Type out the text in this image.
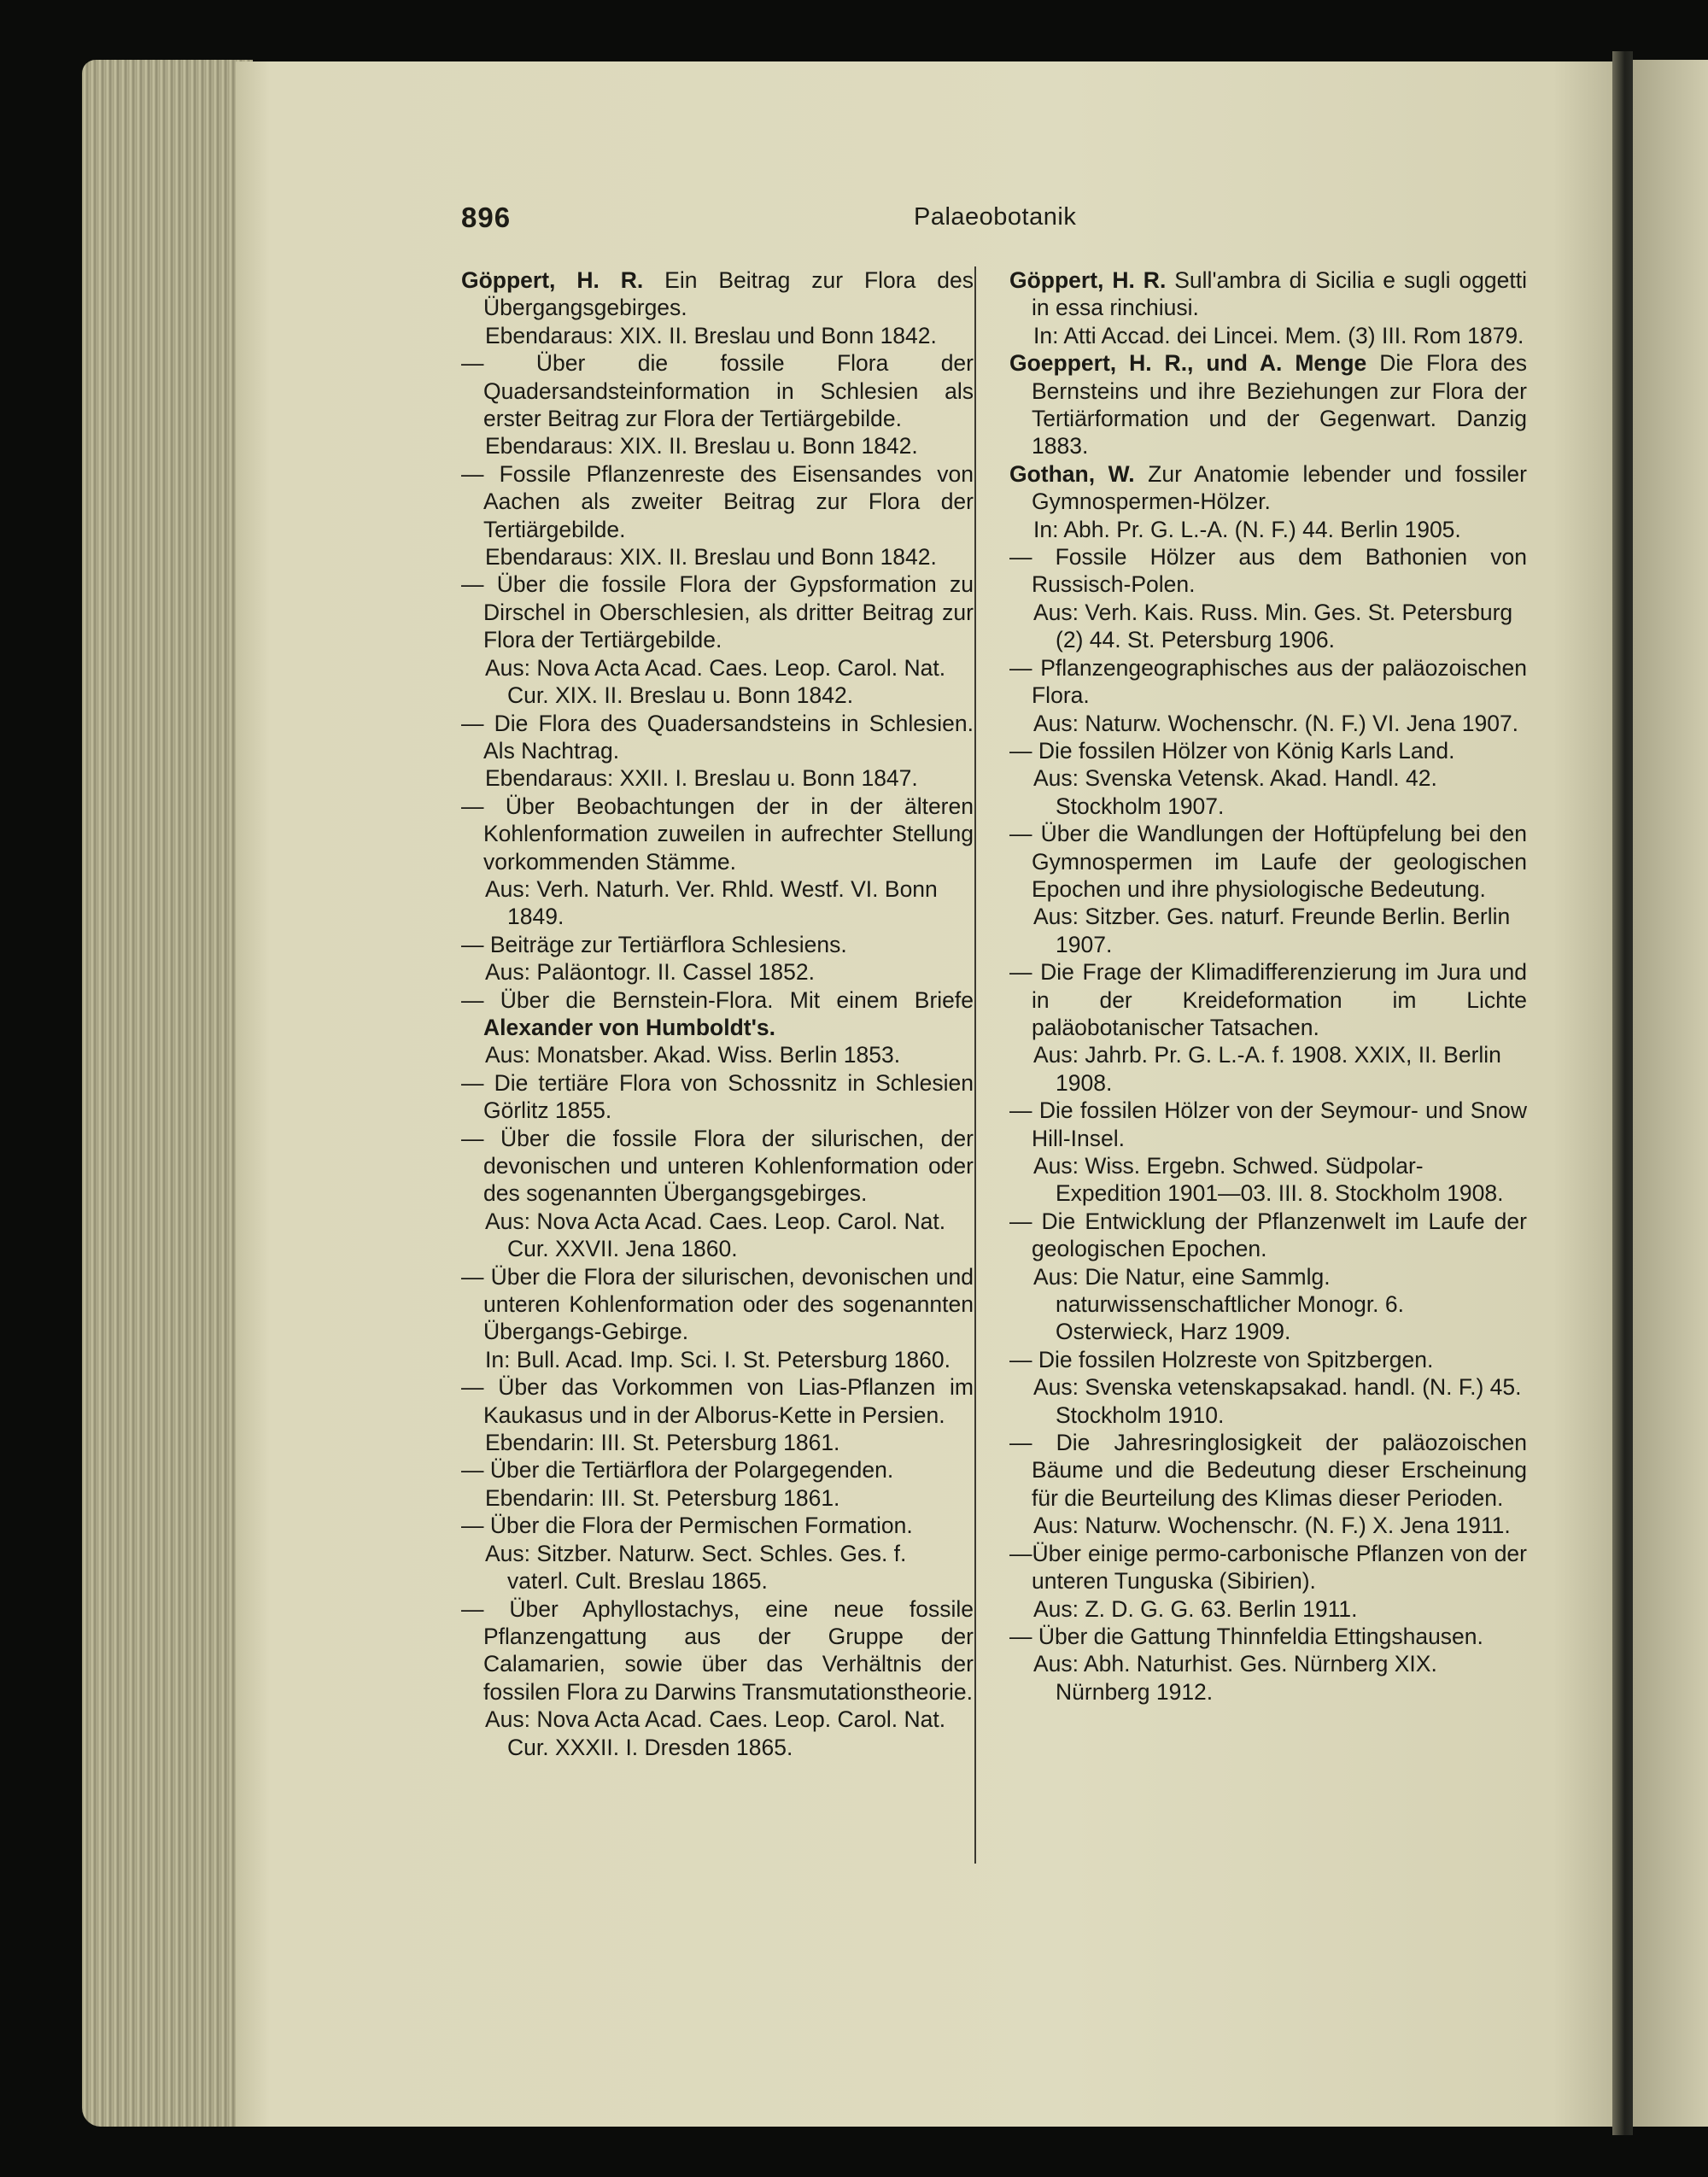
896	Palaeobotanik
Göppert, H. R. Ein Beitrag zur Flora des Übergangsgebirges.
Ebendaraus: XIX. II. Breslau und Bonn 1842.
— Über die fossile Flora der Quadersandsteinformation in Schlesien als erster Beitrag zur Flora der Tertiärgebilde.
Ebendaraus: XIX. II. Breslau u. Bonn 1842.
— Fossile Pflanzenreste des Eisensandes von Aachen als zweiter Beitrag zur Flora der Tertiärgebilde.
Ebendaraus: XIX. II. Breslau und Bonn 1842.
— Über die fossile Flora der Gypsformation zu Dirschel in Oberschlesien, als dritter Beitrag zur Flora der Tertiärgebilde.
Aus: Nova Acta Acad. Caes. Leop. Carol. Nat. Cur. XIX. II. Breslau u. Bonn 1842.
— Die Flora des Quadersandsteins in Schlesien. Als Nachtrag.
Ebendaraus: XXII. I. Breslau u. Bonn 1847.
— Über Beobachtungen der in der älteren Kohlenformation zuweilen in aufrechter Stellung vorkommenden Stämme.
Aus: Verh. Naturh. Ver. Rhld. Westf. VI. Bonn 1849.
— Beiträge zur Tertiärflora Schlesiens.
Aus: Paläontogr. II. Cassel 1852.
— Über die Bernstein-Flora. Mit einem Briefe Alexander von Humboldt's.
Aus: Monatsber. Akad. Wiss. Berlin 1853.
— Die tertiäre Flora von Schossnitz in Schlesien Görlitz 1855.
— Über die fossile Flora der silurischen, der devonischen und unteren Kohlenformation oder des sogenannten Übergangsgebirges.
Aus: Nova Acta Acad. Caes. Leop. Carol. Nat. Cur. XXVII. Jena 1860.
— Über die Flora der silurischen, devonischen und unteren Kohlenformation oder des sogenannten Übergangs-Gebirge.
In: Bull. Acad. Imp. Sci. I. St. Petersburg 1860.
— Über das Vorkommen von Lias-Pflanzen im Kaukasus und in der Alborus-Kette in Persien.
Ebendarin: III. St. Petersburg 1861.
— Über die Tertiärflora der Polargegenden.
Ebendarin: III. St. Petersburg 1861.
— Über die Flora der Permischen Formation.
Aus: Sitzber. Naturw. Sect. Schles. Ges. f. vaterl. Cult. Breslau 1865.
— Über Aphyllostachys, eine neue fossile Pflanzengattung aus der Gruppe der Calamarien, sowie über das Verhältnis der fossilen Flora zu Darwins Transmutationstheorie.
Aus: Nova Acta Acad. Caes. Leop. Carol. Nat. Cur. XXXII. I. Dresden 1865.
Göppert, H. R. Sull'ambra di Sicilia e sugli oggetti in essa rinchiusi.
In: Atti Accad. dei Lincei. Mem. (3) III. Rom 1879.
Goeppert, H. R., und A. Menge Die Flora des Bernsteins und ihre Beziehungen zur Flora der Tertiärformation und der Gegenwart. Danzig 1883.
Gothan, W. Zur Anatomie lebender und fossiler Gymnospermen-Hölzer.
In: Abh. Pr. G. L.-A. (N. F.) 44. Berlin 1905.
— Fossile Hölzer aus dem Bathonien von Russisch-Polen.
Aus: Verh. Kais. Russ. Min. Ges. St. Petersburg (2) 44. St. Petersburg 1906.
— Pflanzengeographisches aus der paläozoischen Flora.
Aus: Naturw. Wochenschr. (N. F.) VI. Jena 1907.
— Die fossilen Hölzer von König Karls Land.
Aus: Svenska Vetensk. Akad. Handl. 42. Stockholm 1907.
— Über die Wandlungen der Hoftüpfelung bei den Gymnospermen im Laufe der geologischen Epochen und ihre physiologische Bedeutung.
Aus: Sitzber. Ges. naturf. Freunde Berlin. Berlin 1907.
— Die Frage der Klimadifferenzierung im Jura und in der Kreideformation im Lichte paläobotanischer Tatsachen.
Aus: Jahrb. Pr. G. L.-A. f. 1908. XXIX, II. Berlin 1908.
— Die fossilen Hölzer von der Seymour- und Snow Hill-Insel.
Aus: Wiss. Ergebn. Schwed. Südpolar-Expedition 1901—03. III. 8. Stockholm 1908.
— Die Entwicklung der Pflanzenwelt im Laufe der geologischen Epochen.
Aus: Die Natur, eine Sammlg. naturwissenschaftlicher Monogr. 6. Osterwieck, Harz 1909.
— Die fossilen Holzreste von Spitzbergen.
Aus: Svenska vetenskapsakad. handl. (N. F.) 45. Stockholm 1910.
— Die Jahresringlosigkeit der paläozoischen Bäume und die Bedeutung dieser Erscheinung für die Beurteilung des Klimas dieser Perioden.
Aus: Naturw. Wochenschr. (N. F.) X. Jena 1911.
—Über einige permo-carbonische Pflanzen von der unteren Tunguska (Sibirien).
Aus: Z. D. G. G. 63. Berlin 1911.
— Über die Gattung Thinnfeldia Ettingshausen.
Aus: Abh. Naturhist. Ges. Nürnberg XIX. Nürnberg 1912.
